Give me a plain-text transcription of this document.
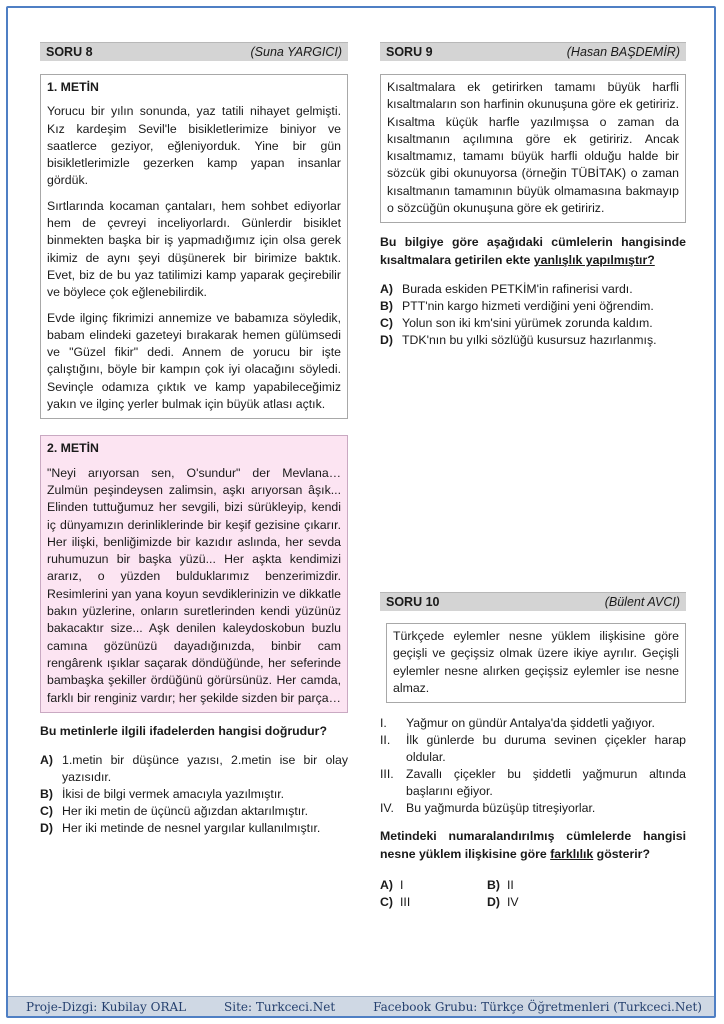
SORU 8	(Suna YARGICI)

1. METİN

Yorucu bir yılın sonunda, yaz tatili nihayet gelmişti. Kız kardeşim Sevil'le bisikletlerimize biniyor ve saatlerce geziyor, eğleniyorduk. Yine bir gün bisikletlerimizle gezerken kamp yapan insanlar gördük.

Sırtlarında kocaman çantaları, hem sohbet ediyorlar hem de çevreyi inceliyorlardı. Günlerdir bisiklet binmekten başka bir iş yapmadığımız için olsa gerek ikimiz de aynı şeyi düşünerek bir birimize baktık. Evet, biz de bu yaz tatilimizi kamp yaparak geçirebilir ve böylece çok eğlenebilirdik.

Evde ilginç fikrimizi annemize ve babamıza söyledik, babam elindeki gazeteyi bırakarak hemen gülümsedi ve "Güzel fikir" dedi. Annem de yorucu bir işte çalıştığını, böyle bir kampın çok iyi olacağını söyledi. Sevinçle odamıza çıktık ve kamp yapabileceğimiz yakın ve ilginç yerler bulmak için büyük atlası açtık.

2. METİN

"Neyi arıyorsan sen, O'sundur" der Mevlana… Zulmün peşindeysen zalimsin, aşkı arıyorsan âşık... Elinden tuttuğumuz her sevgili, bizi sürükleyip, kendi iç dünyamızın derinliklerinde bir keşif gezisine çıkarır. Her ilişki, benliğimizde bir kazıdır aslında, her sevda ruhumuzun bir başka yüzü... Her aşkta kendimizi ararız, o yüzden bulduklarımız benzerimizdir. Resimlerini yan yana koyun sevdiklerinizin ve dikkatle bakın yüzlerine, onların suretlerinden kendi yüzünüz bakacaktır size... Aşk denilen kaleydoskobun buzlu camına gözünüzü dayadığınızda, binbir cam rengârenk ışıklar saçarak döndüğünde, her seferinde bambaşka şekiller ördüğünü görürsünüz. Her camda, farklı bir renginiz vardır; her şekilde sizden bir parça…

Bu metinlerle ilgili ifadelerden hangisi doğrudur?

A) 1.metin bir düşünce yazısı, 2.metin ise bir olay yazısıdır.
B) İkisi de bilgi vermek amacıyla yazılmıştır.
C) Her iki metin de üçüncü ağızdan aktarılmıştır.
D) Her iki metinde de nesnel yargılar kullanılmıştır.
SORU 9	(Hasan BAŞDEMİR)

Kısaltmalara ek getirirken tamamı büyük harfli kısaltmaların son harfinin okunuşuna göre ek getiririz. Kısaltma küçük harfle yazılmışsa o zaman da kısaltmanın açılımına göre ek getiririz. Ancak kısaltmamız, tamamı büyük harfli olduğu halde bir sözcük gibi okunuyorsa (örneğin TÜBİTAK) o zaman kısaltmanın tamamının büyük olmamasına bakmayıp o sözcüğün okunuşuna göre ek getiririz.

Bu bilgiye göre aşağıdaki cümlelerin hangisinde kısaltmalara getirilen ekte yanlışlık yapılmıştır?

A) Burada eskiden PETKİM'in rafinerisi vardı.
B) PTT'nin kargo hizmeti verdiğini yeni öğrendim.
C) Yolun son iki km'sini yürümek zorunda kaldım.
D) TDK'nın bu yılki sözlüğü kusursuz hazırlanmış.
SORU 10	(Bülent AVCI)

Türkçede eylemler nesne yüklem ilişkisine göre geçişli ve geçişsiz olmak üzere ikiye ayrılır. Geçişli eylemler nesne alırken geçişsiz eylemler ise nesne almaz.

I.	Yağmur on gündür Antalya'da şiddetli yağıyor.
II.	İlk günlerde bu duruma sevinen çiçekler harap oldular.
III.	Zavallı çiçekler bu şiddetli yağmurun altında başlarını eğiyor.
IV. Bu yağmurda büzüşüp titreşiyorlar.

Metindeki numaralandırılmış cümlelerde hangisi nesne yüklem ilişkisine göre farklılık gösterir?

A) I	B) II
C) III	D) IV
Proje-Dizgi: Kubilay ORAL	Site: Turkceci.Net	Facebook Grubu: Türkçe Öğretmenleri (Turkceci.Net)
